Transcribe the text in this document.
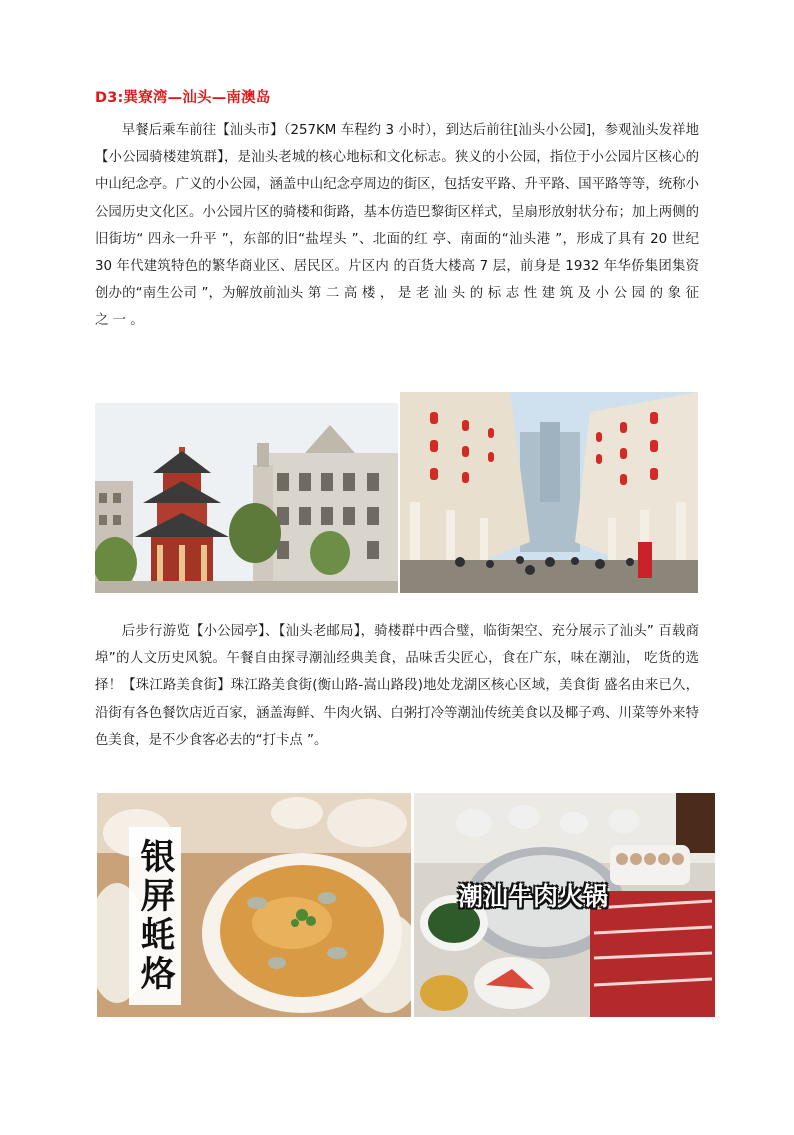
D3:巽寮湾—汕头—南澳岛

早餐后乘车前往【汕头市】（257KM 车程约 3 小时），到达后前往[汕头小公园]，参观汕头发祥地【小公园骑楼建筑群】，是汕头老城的核心地标和文化标志。狭义的小公园，指位于小公园片区核心的中山纪念亭。广义的小公园，涵盖中山纪念亭周边的街区，包括安平路、升平路、国平路等等，统称小公园历史文化区。小公园片区的骑楼和街路，基本仿造巴黎街区样式，呈扇形放射状分布；加上两侧的旧街坊“ 四永一升平 ”，东部的旧“盐埕头 ”、北面的红 亭、南面的“汕头港 ”，形成了具有 20 世纪 30 年代建筑特色的繁华商业区、居民区。片区内 的百货大楼高 7 层，前身是 1932 年华侨集团集资创办的“南生公司 ”，为解放前汕头 第 二 高 楼 ， 是 老 汕 头 的 标 志 性 建 筑 及 小 公 园 的 象 征 之 一 。

后步行游览【小公园亭】、【汕头老邮局】，骑楼群中西合璧，临街架空、充分展示了汕头” 百载商埠”的人文历史风貌。午餐自由探寻潮汕经典美食，品味舌尖匠心，食在广东，味在潮汕， 吃货的选择！【珠江路美食街】珠江路美食街(衡山路-嵩山路段)地处龙湖区核心区域，美食街 盛名由来已久，沿街有各色餐饮店近百家，涵盖海鲜、牛肉火锅、白粥打冷等潮汕传统美食以及椰子鸡、川菜等外来特色美食，是不少食客必去的“打卡点 ”。

银屏蚝烙	潮汕牛肉火锅
